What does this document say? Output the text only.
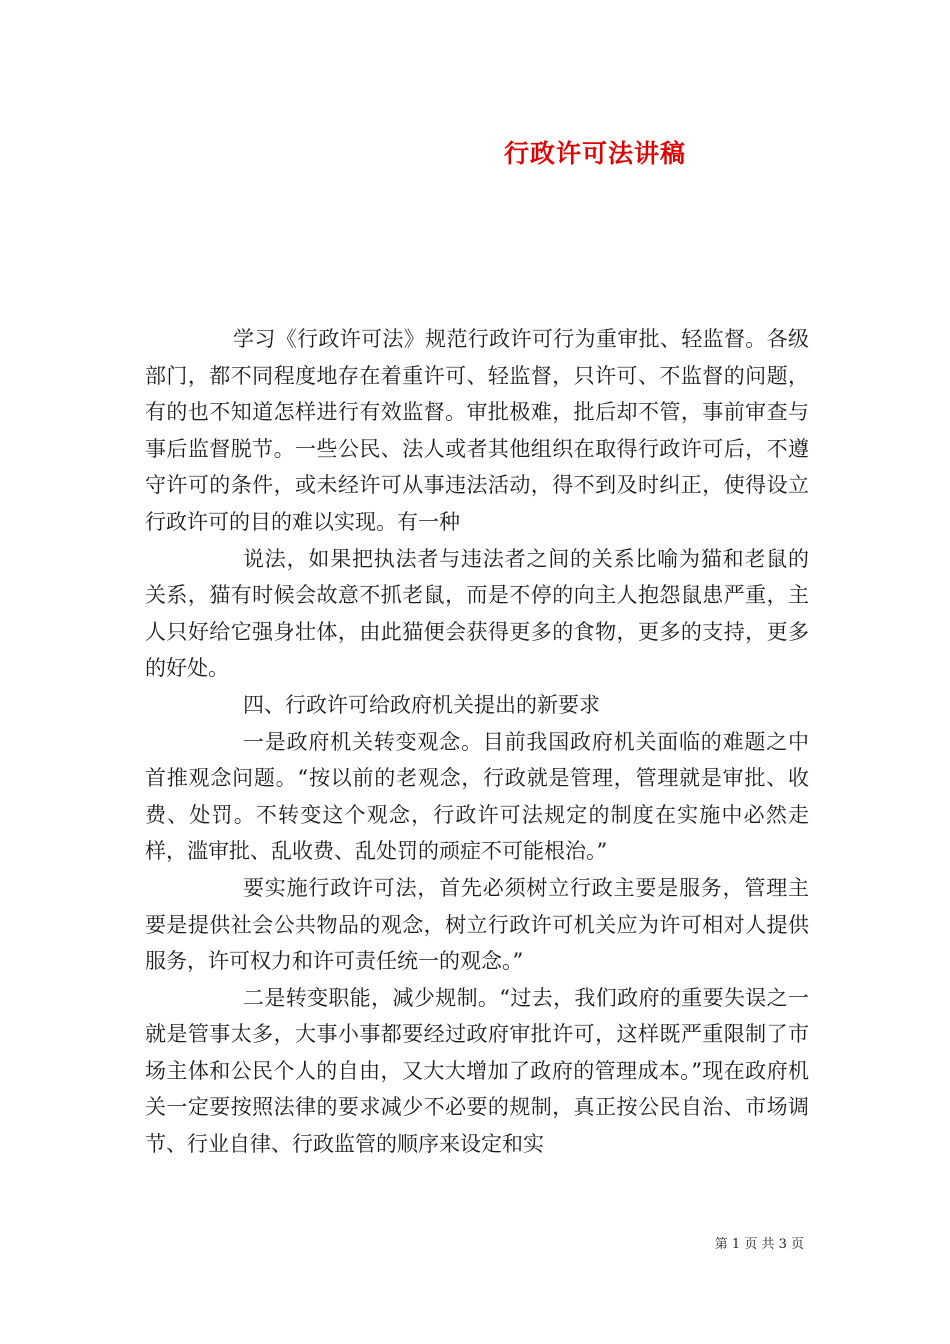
行政许可法讲稿

学习《行政许可法》规范行政许可行为重审批、轻监督。各级部门，都不同程度地存在着重许可、轻监督，只许可、不监督的问题，有的也不知道怎样进行有效监督。审批极难，批后却不管，事前审查与事后监督脱节。一些公民、法人或者其他组织在取得行政许可后，不遵守许可的条件，或未经许可从事违法活动，得不到及时纠正，使得设立行政许可的目的难以实现。有一种

说法，如果把执法者与违法者之间的关系比喻为猫和老鼠的关系，猫有时候会故意不抓老鼠，而是不停的向主人抱怨鼠患严重，主人只好给它强身壮体，由此猫便会获得更多的食物，更多的支持，更多的好处。

四、行政许可给政府机关提出的新要求

一是政府机关转变观念。目前我国政府机关面临的难题之中首推观念问题。“按以前的老观念，行政就是管理，管理就是审批、收费、处罚。不转变这个观念，行政许可法规定的制度在实施中必然走样，滥审批、乱收费、乱处罚的顽症不可能根治。”

要实施行政许可法，首先必须树立行政主要是服务，管理主要是提供社会公共物品的观念，树立行政许可机关应为许可相对人提供服务，许可权力和许可责任统一的观念。”

二是转变职能，减少规制。“过去，我们政府的重要失误之一就是管事太多，大事小事都要经过政府审批许可，这样既严重限制了市场主体和公民个人的自由，又大大增加了政府的管理成本。”现在政府机关一定要按照法律的要求减少不必要的规制，真正按公民自治、市场调节、行业自律、行政监管的顺序来设定和实

第 1 页 共 3 页
